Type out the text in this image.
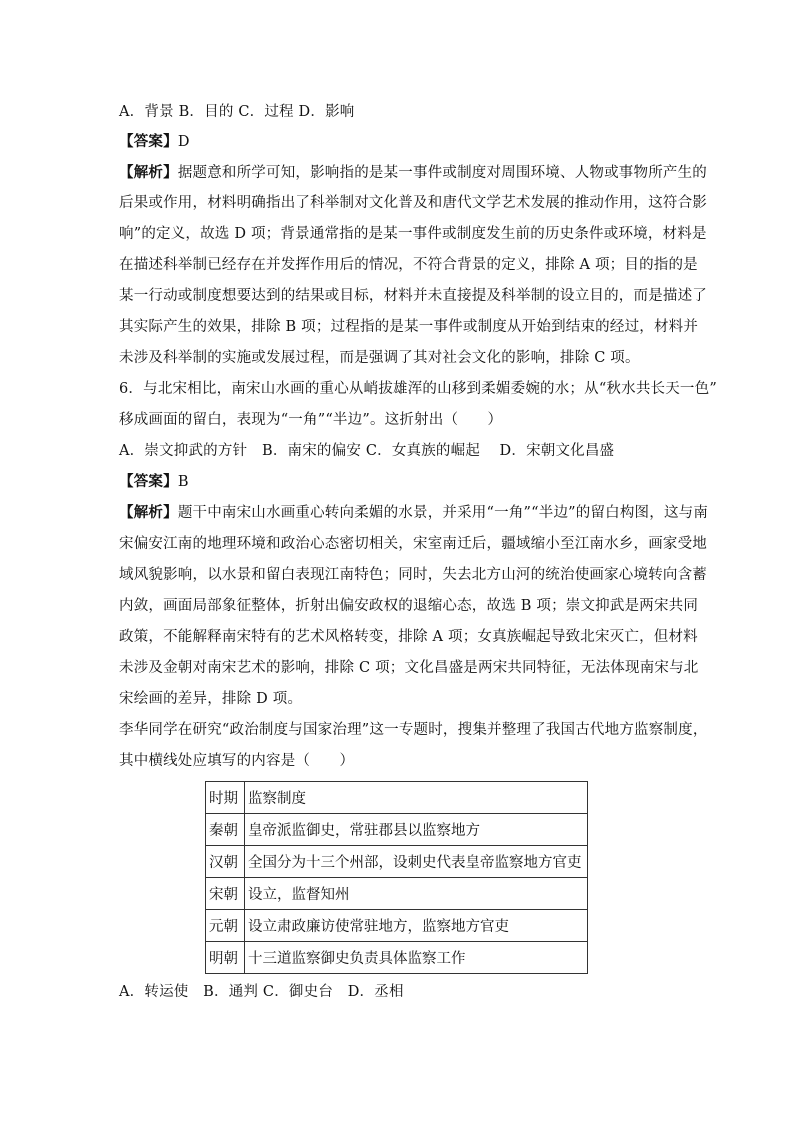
A．背景 B．目的 C．过程 D．影响
【答案】D
【解析】据题意和所学可知，影响指的是某一事件或制度对周围环境、人物或事物所产生的
后果或作用，材料明确指出了科举制对文化普及和唐代文学艺术发展的推动作用，这符合影
响”的定义，故选 D 项；背景通常指的是某一事件或制度发生前的历史条件或环境，材料是
在描述科举制已经存在并发挥作用后的情况，不符合背景的定义，排除 A 项；目的指的是
某一行动或制度想要达到的结果或目标，材料并未直接提及科举制的设立目的，而是描述了
其实际产生的效果，排除 B 项；过程指的是某一事件或制度从开始到结束的经过，材料并
未涉及科举制的实施或发展过程，而是强调了其对社会文化的影响，排除 C 项。
6．与北宋相比，南宋山水画的重心从峭拔雄浑的山移到柔媚委婉的水；从“秋水共长天一色”
移成画面的留白，表现为“一角”“半边”。这折射出（　　）
A．崇文抑武的方针　B．南宋的偏安 C．女真族的崛起　 D．宋朝文化昌盛
【答案】B
【解析】题干中南宋山水画重心转向柔媚的水景，并采用“一角”“半边”的留白构图，这与南
宋偏安江南的地理环境和政治心态密切相关，宋室南迁后，疆域缩小至江南水乡，画家受地
域风貌影响，以水景和留白表现江南特色；同时，失去北方山河的统治使画家心境转向含蓄
内敛，画面局部象征整体，折射出偏安政权的退缩心态，故选 B 项；崇文抑武是两宋共同
政策，不能解释南宋特有的艺术风格转变，排除 A 项；女真族崛起导致北宋灭亡，但材料
未涉及金朝对南宋艺术的影响，排除 C 项；文化昌盛是两宋共同特征，无法体现南宋与北
宋绘画的差异，排除 D 项。
李华同学在研究“政治制度与国家治理”这一专题时，搜集并整理了我国古代地方监察制度，
其中横线处应填写的内容是（　　）
时期	监察制度
秦朝	皇帝派监御史，常驻郡县以监察地方
汉朝	全国分为十三个州部，设刺史代表皇帝监察地方官吏
宋朝	设立，监督知州
元朝	设立肃政廉访使常驻地方，监察地方官吏
明朝	十三道监察御史负责具体监察工作
A．转运使　B．通判 C．御史台　D．丞相
